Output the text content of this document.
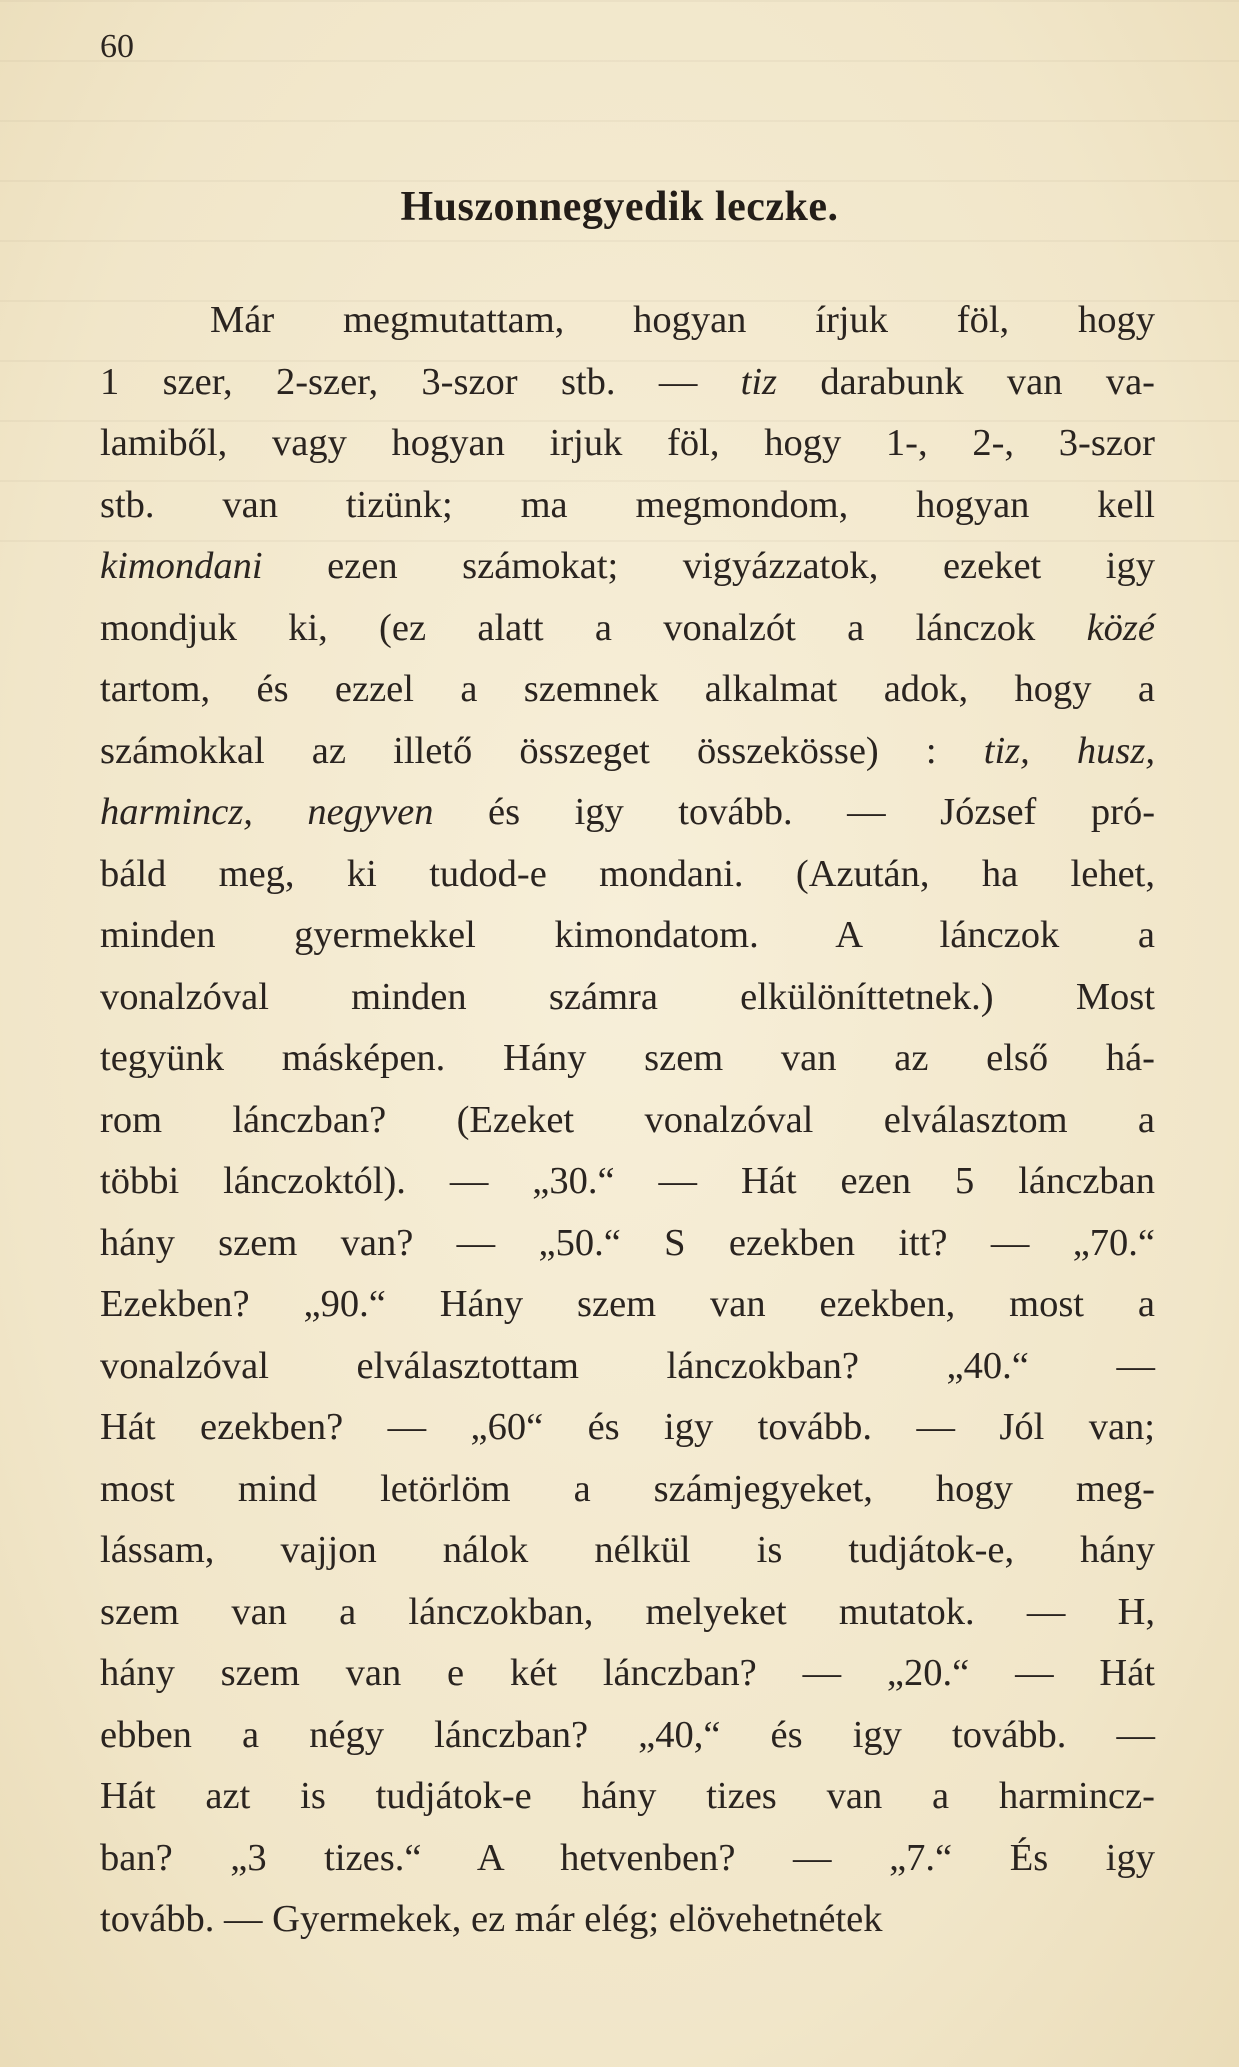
60
Huszonnegyedik leczke.
Már megmutattam, hogyan írjuk föl, hogy
1 szer, 2-szer, 3-szor stb. — tiz darabunk van va-
lamiből, vagy hogyan irjuk föl, hogy 1-, 2-, 3-szor
stb. van tizünk; ma megmondom, hogyan kell
kimondani ezen számokat; vigyázzatok, ezeket igy
mondjuk ki, (ez alatt a vonalzót a lánczok közé
tartom, és ezzel a szemnek alkalmat adok, hogy a
számokkal az illető összeget összekösse) : tiz, husz,
harmincz, negyven és igy tovább. — József pró-
báld meg, ki tudod-e mondani. (Azután, ha lehet,
minden gyermekkel kimondatom. A lánczok a
vonalzóval minden számra elkülöníttetnek.) Most
tegyünk másképen. Hány szem van az első há-
rom lánczban? (Ezeket vonalzóval elválasztom a
többi lánczoktól). — „30.“ — Hát ezen 5 lánczban
hány szem van? — „50.“ S ezekben itt? — „70.“
Ezekben? „90.“ Hány szem van ezekben, most a
vonalzóval elválasztottam lánczokban? „40.“ —
Hát ezekben? — „60“ és igy tovább. — Jól van;
most mind letörlöm a számjegyeket, hogy meg-
lássam, vajjon nálok nélkül is tudjátok-e, hány
szem van a lánczokban, melyeket mutatok. — H,
hány szem van e két lánczban? — „20.“ — Hát
ebben a négy lánczban? „40,“ és igy tovább. —
Hát azt is tudjátok-e hány tizes van a harmincz-
ban? „3 tizes.“ A hetvenben? — „7.“ És igy
tovább. — Gyermekek, ez már elég; elövehetnétek
